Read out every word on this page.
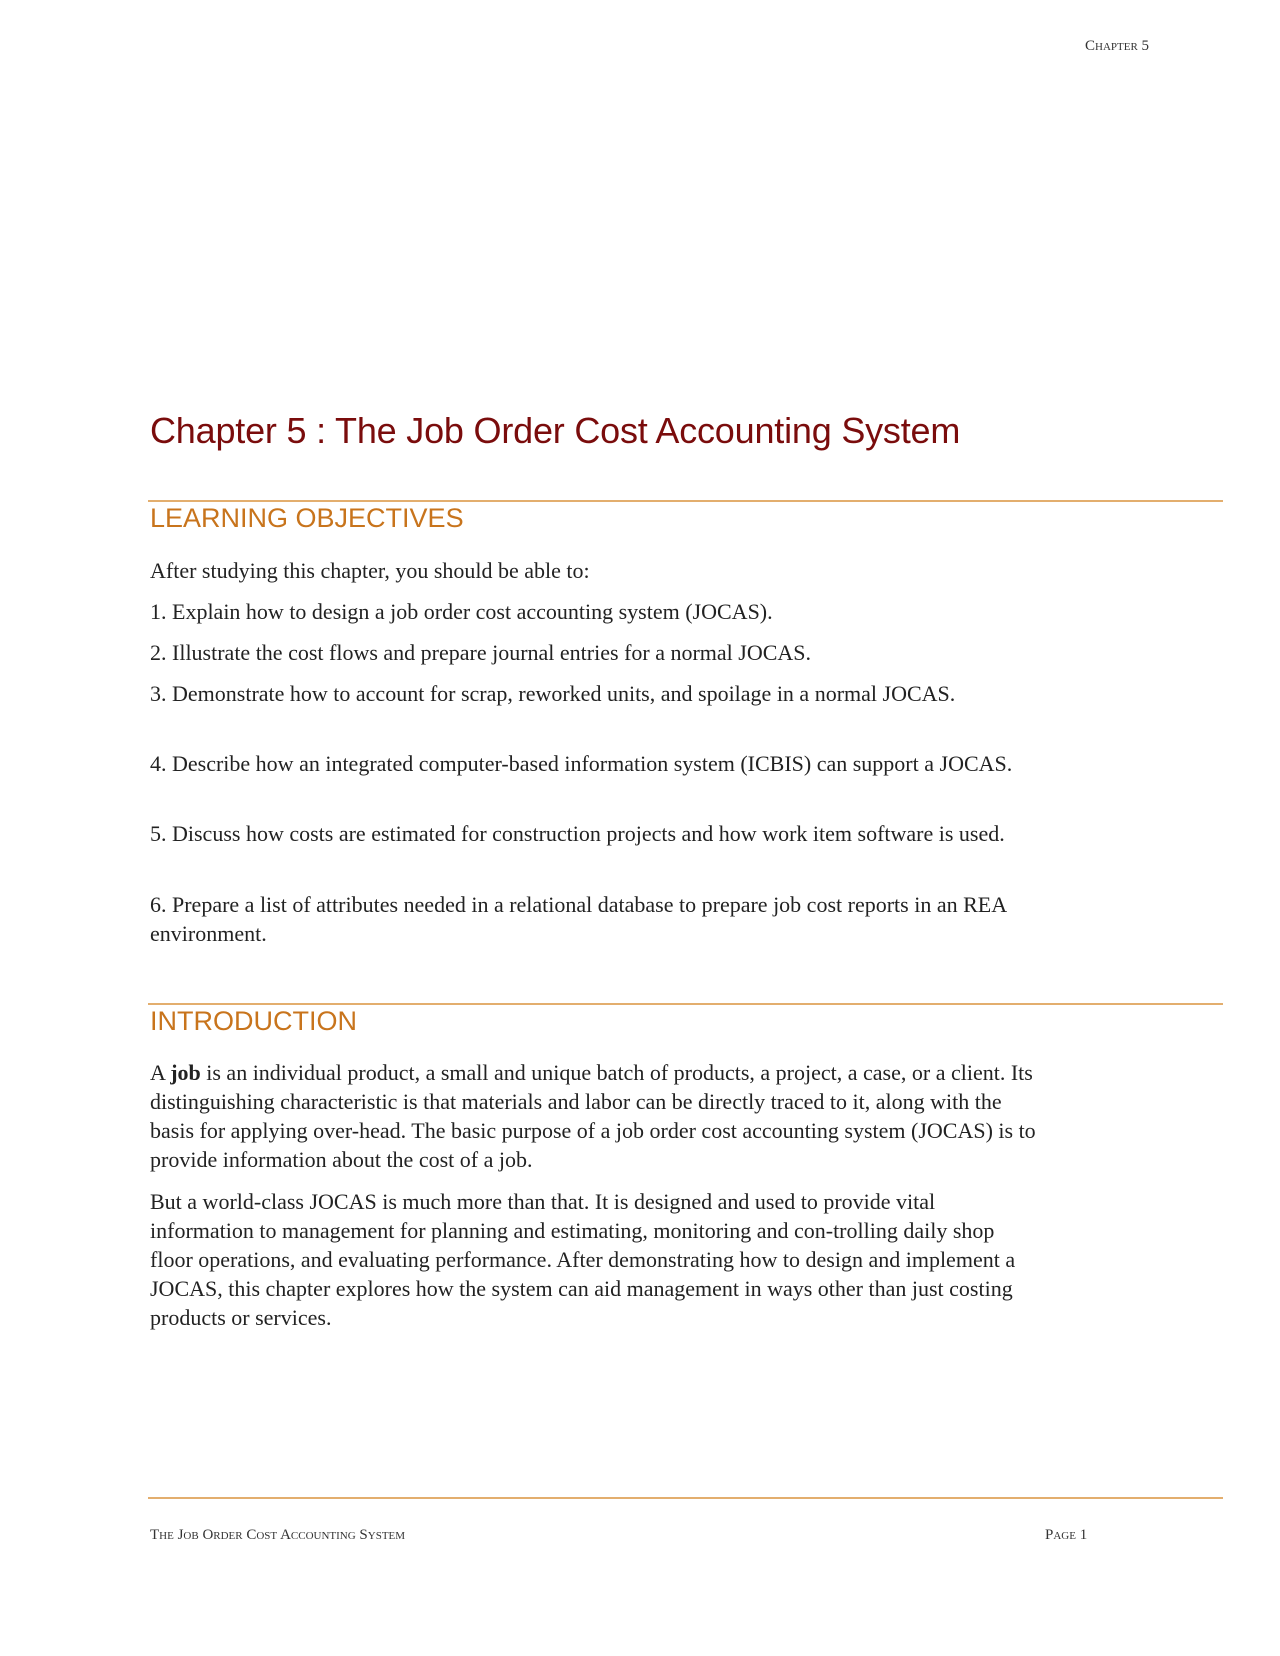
Chapter 5
Chapter 5 : The Job Order Cost Accounting System
LEARNING OBJECTIVES

After studying this chapter, you should be able to:

1. Explain how to design a job order cost accounting system (JOCAS).

2. Illustrate the cost flows and prepare journal entries for a normal JOCAS.

3. Demonstrate how to account for scrap, reworked units, and spoilage in a normal JOCAS.

4. Describe how an integrated computer-based information system (ICBIS) can support a JOCAS.

5. Discuss how costs are estimated for construction projects and how work item software is used.

6. Prepare a list of attributes needed in a relational database to prepare job cost reports in an REA environment.

INTRODUCTION

A job is an individual product, a small and unique batch of products, a project, a case, or a client. Its distinguishing characteristic is that materials and labor can be directly traced to it, along with the basis for applying over-head. The basic purpose of a job order cost accounting system (JOCAS) is to provide information about the cost of a job.

But a world-class JOCAS is much more than that. It is designed and used to provide vital information to management for planning and estimating, monitoring and con-trolling daily shop floor operations, and evaluating performance. After demonstrating how to design and implement a JOCAS, this chapter explores how the system can aid management in ways other than just costing products or services.

The Job Order Cost Accounting System	Page 1
